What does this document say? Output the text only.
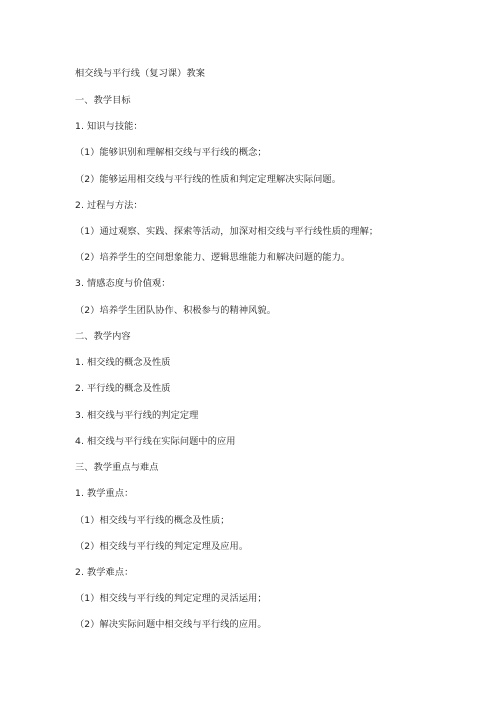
相交线与平行线（复习课）教案
一、教学目标
1. 知识与技能：
（1）能够识别和理解相交线与平行线的概念；
（2）能够运用相交线与平行线的性质和判定定理解决实际问题。
2. 过程与方法：
（1）通过观察、实践、探索等活动，加深对相交线与平行线性质的理解；
（2）培养学生的空间想象能力、逻辑思维能力和解决问题的能力。
3. 情感态度与价值观：
（2）培养学生团队协作、积极参与的精神风貌。
二、教学内容
1. 相交线的概念及性质
2. 平行线的概念及性质
3. 相交线与平行线的判定定理
4. 相交线与平行线在实际问题中的应用
三、教学重点与难点
1. 教学重点：
（1）相交线与平行线的概念及性质；
（2）相交线与平行线的判定定理及应用。
2. 教学难点：
（1）相交线与平行线的判定定理的灵活运用；
（2）解决实际问题中相交线与平行线的应用。
